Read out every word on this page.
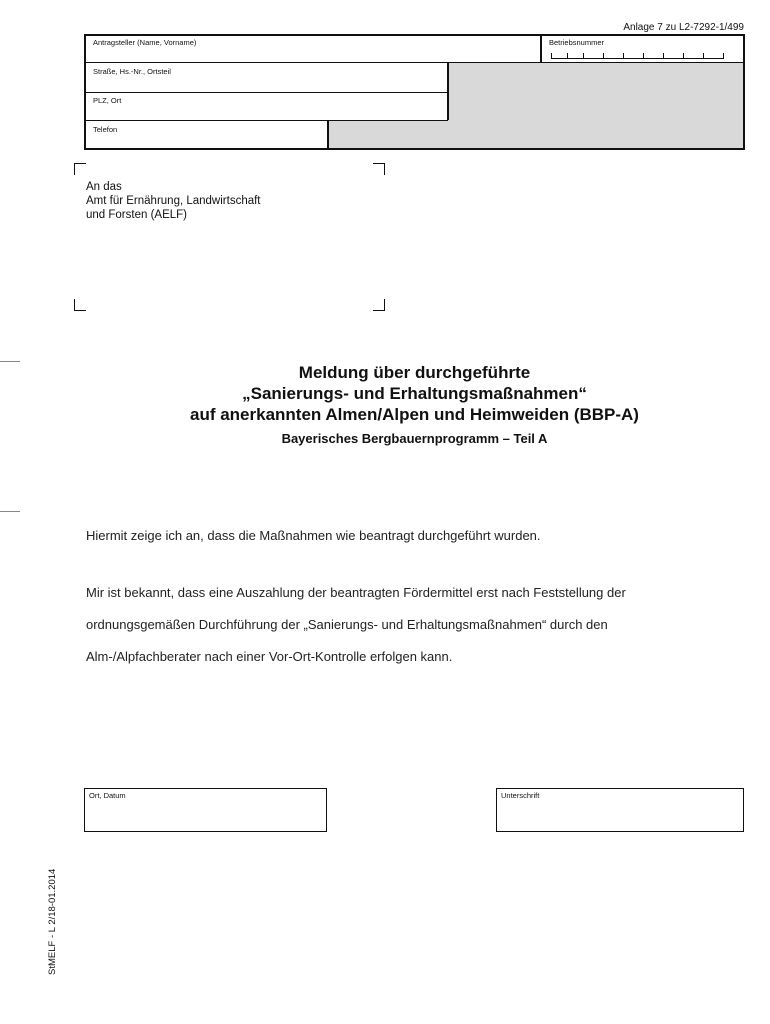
Anlage 7 zu L2-7292-1/499
Antragsteller (Name, Vorname)	Betriebsnummer
Straße, Hs.-Nr., Ortsteil
PLZ, Ort
Telefon
An das
Amt für Ernährung, Landwirtschaft
und Forsten (AELF)
Meldung über durchgeführte
„Sanierungs- und Erhaltungsmaßnahmen“
auf anerkannten Almen/Alpen und Heimweiden (BBP-A)
Bayerisches Bergbauernprogramm – Teil A
Hiermit zeige ich an, dass die Maßnahmen wie beantragt durchgeführt wurden.
Mir ist bekannt, dass eine Auszahlung der beantragten Fördermittel erst nach Feststellung der
ordnungsgemäßen Durchführung der „Sanierungs- und Erhaltungsmaßnahmen“ durch den
Alm-/Alpfachberater nach einer Vor-Ort-Kontrolle erfolgen kann.
Ort, Datum	Unterschrift
StMELF - L 2/18-01.2014
